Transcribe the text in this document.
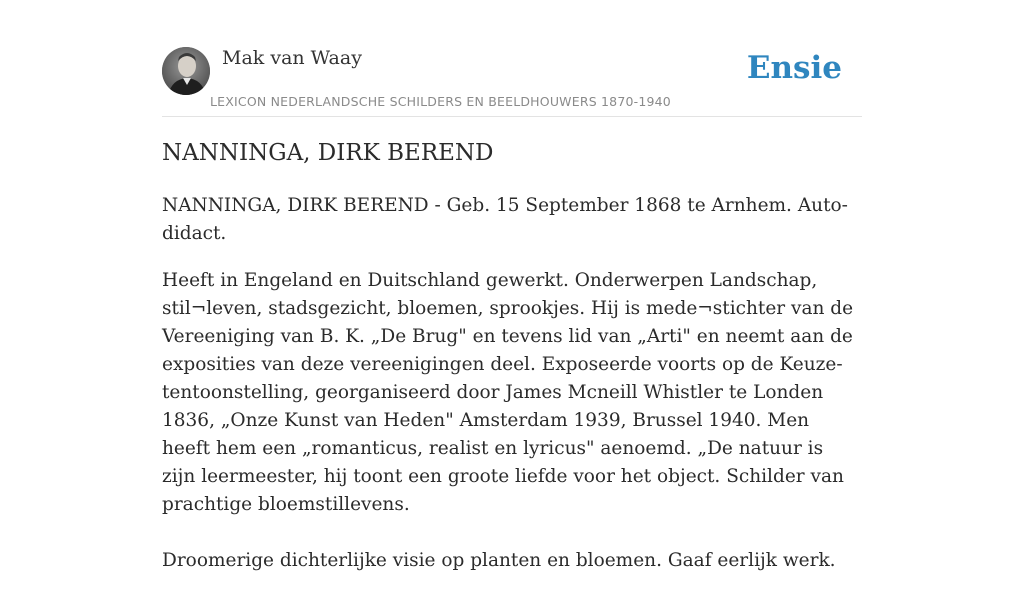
Mak van Waay
LEXICON NEDERLANDSCHE SCHILDERS EN BEELDHOUWERS 1870-1940
Ensie
NANNINGA, DIRK BEREND

NANNINGA, DIRK BEREND - Geb. 15 September 1868 te Arnhem. Auto-didact.

Heeft in Engeland en Duitschland gewerkt. Onderwerpen Landschap, stil¬leven, stadsgezicht, bloemen, sprookjes. Hij is mede¬stichter van de Vereeniging van B. K. „De Brug" en tevens lid van „Arti" en neemt aan de exposities van deze vereenigingen deel. Exposeerde voorts op de Keuze-tentoonstelling, georganiseerd door James Mcneill Whistler te Londen 1836, „Onze Kunst van Heden" Amsterdam 1939, Brussel 1940. Men heeft hem een „romanticus, realist en lyricus" aenoemd. „De natuur is zijn leermeester, hij toont een groote liefde voor het object. Schilder van prachtige bloemstillevens.

Droomerige dichterlijke visie op planten en bloemen. Gaaf eerlijk werk.
